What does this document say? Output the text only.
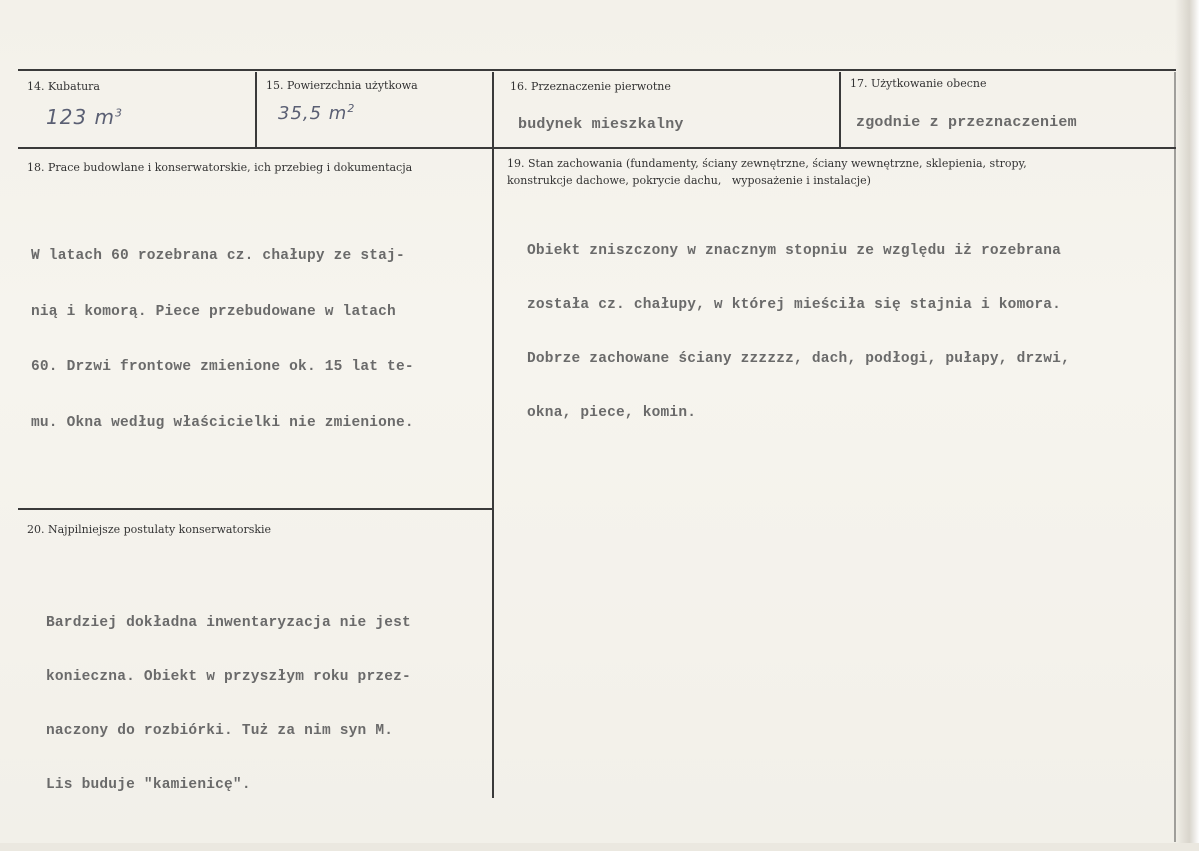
14. Kubatura
123 $m^3$
15. Powierzchnia użytkowa
35,5 $m^2$
16. Przeznaczenie pierwotne
budynek mieszkalny
17. Użytkowanie obecne
zgodnie z przeznaczeniem
18. Prace budowlane i konserwatorskie, ich przebieg i dokumentacja

W latach 60 rozebrana cz. chałupy ze staj-

nią i komorą. Piece przebudowane w latach

60. Drzwi frontowe zmienione ok. 15 lat te-

mu. Okna według właścicielki nie zmienione.

19. Stan zachowania (fundamenty, ściany zewnętrzne, ściany wewnętrzne, sklepienia, stropy,
konstrukcje dachowe, pokrycie dachu,   wyposażenie i instalacje)

Obiekt zniszczony w znacznym stopniu ze względu iż rozebrana

została cz. chałupy, w której mieściła się stajnia i komora.

Dobrze zachowane ściany zzzzzz, dach, podłogi, pułapy, drzwi,

okna, piece, komin.

20. Najpilniejsze postulaty konserwatorskie

Bardziej dokładna inwentaryzacja nie jest

konieczna. Obiekt w przyszłym roku przez-

naczony do rozbiórki. Tuż za nim syn M.

Lis buduje "kamienicę".
